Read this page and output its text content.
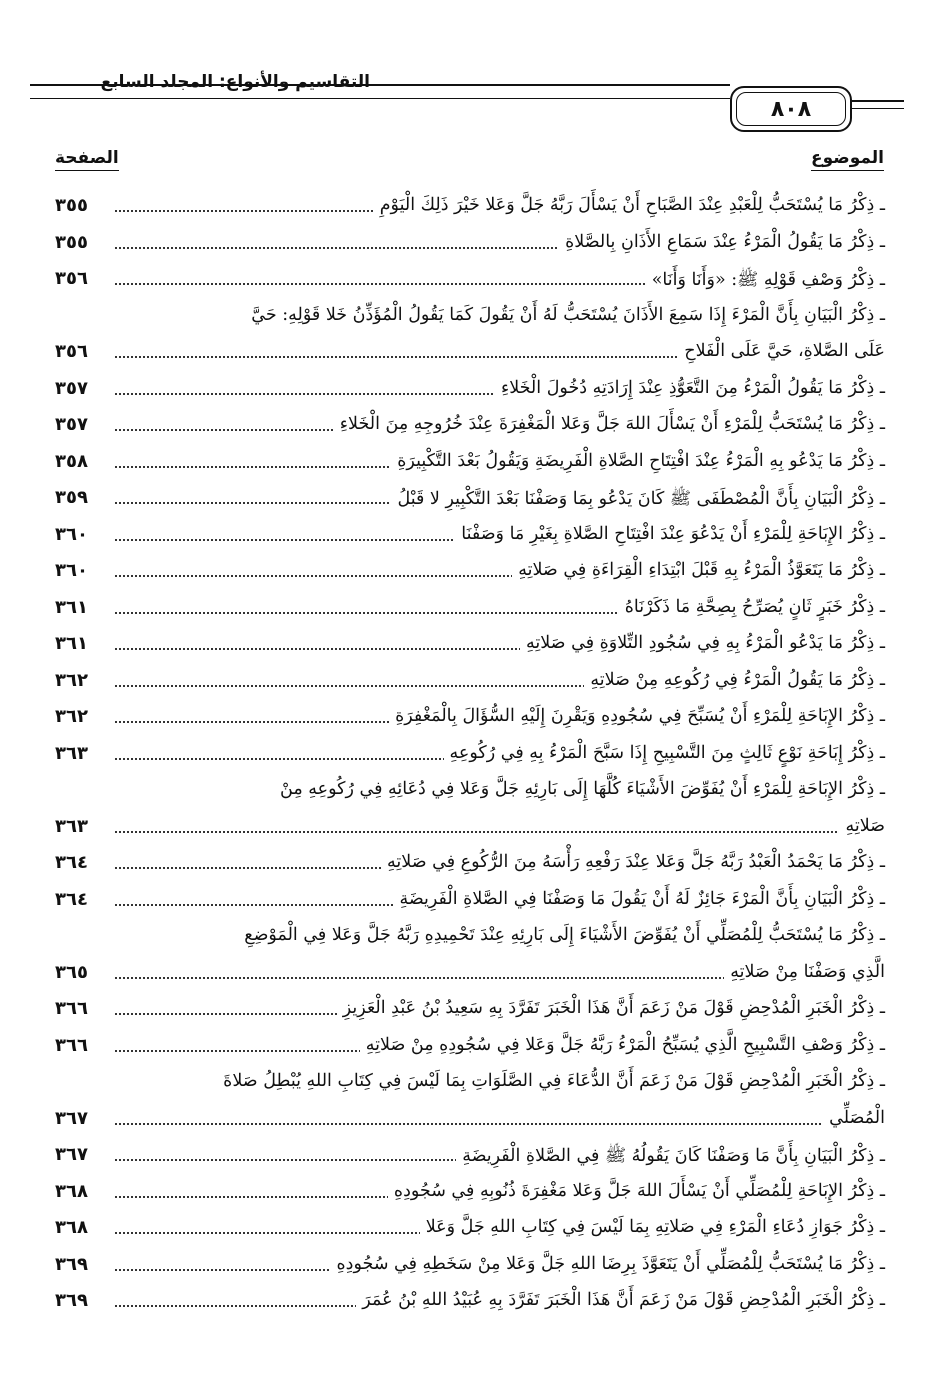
التقاسيم والأنواع: المجلد السابع
٨٠٨
الموضوع
الصفحة
ـ ذِكْرُ مَا يُسْتَحَبُّ لِلْعَبْدِ عِنْدَ الصَّبَاحِ أَنْ يَسْأَلَ رَبَّهُ جَلَّ وَعَلا خَيْرَ ذَلِكَ الْيَوْمِ
٣٥٥
ـ ذِكْرُ مَا يَقُولُ الْمَرْءُ عِنْدَ سَمَاعِ الأَذَانِ بِالصَّلاةِ
٣٥٥
ـ ذِكْرُ وَصْفِ قَوْلِهِ ﷺ: «وَأَنَا وَأَنَا»
٣٥٦
ـ ذِكْرُ الْبَيَانِ بِأَنَّ الْمَرْءَ إِذَا سَمِعَ الأَذَانَ يُسْتَحَبُّ لَهُ أَنْ يَقُولَ كَمَا يَقُولُ الْمُؤَذِّنُ خَلا قَوْلِهِ: حَيَّ
عَلَى الصَّلاةِ، حَيَّ عَلَى الْفَلاحِ
٣٥٦
ـ ذِكْرُ مَا يَقُولُ الْمَرْءُ مِنَ التَّعَوُّذِ عِنْدَ إِرَادَتِهِ دُخُولَ الْخَلاءِ
٣٥٧
ـ ذِكْرُ مَا يُسْتَحَبُّ لِلْمَرْءِ أَنْ يَسْأَلَ اللهَ جَلَّ وَعَلا الْمَغْفِرَةَ عِنْدَ خُرُوجِهِ مِنَ الْخَلاءِ
٣٥٧
ـ ذِكْرُ مَا يَدْعُو بِهِ الْمَرْءُ عِنْدَ افْتِتَاحِ الصَّلاةِ الْفَرِيضَةِ وَيَقُولُ بَعْدَ التَّكْبِيرَةِ
٣٥٨
ـ ذِكْرُ الْبَيَانِ بِأَنَّ الْمُصْطَفَى ﷺ كَانَ يَدْعُو بِمَا وَصَفْنَا بَعْدَ التَّكْبِيرِ لا قَبْلُ
٣٥٩
ـ ذِكْرُ الإِبَاحَةِ لِلْمَرْءِ أَنْ يَدْعُوَ عِنْدَ افْتِتَاحِ الصَّلاةِ بِغَيْرِ مَا وَصَفْنَا
٣٦٠
ـ ذِكْرُ مَا يَتَعَوَّذُ الْمَرْءُ بِهِ قَبْلَ ابْتِدَاءِ الْقِرَاءَةِ فِي صَلاتِهِ
٣٦٠
ـ ذِكْرُ خَبَرٍ ثَانٍ يُصَرِّحُ بِصِحَّةِ مَا ذَكَرْنَاهُ
٣٦١
ـ ذِكْرُ مَا يَدْعُو الْمَرْءُ بِهِ فِي سُجُودِ التِّلاوَةِ فِي صَلاتِهِ
٣٦١
ـ ذِكْرُ مَا يَقُولُ الْمَرْءُ فِي رُكُوعِهِ مِنْ صَلاتِهِ
٣٦٢
ـ ذِكْرُ الإِبَاحَةِ لِلْمَرْءِ أَنْ يُسَبِّحَ فِي سُجُودِهِ وَيَقْرِنَ إِلَيْهِ السُّؤَالَ بِالْمَغْفِرَةِ
٣٦٢
ـ ذِكْرُ إِبَاحَةِ نَوْعٍ ثَالِثٍ مِنَ التَّسْبِيحِ إِذَا سَبَّحَ الْمَرْءُ بِهِ فِي رُكُوعِهِ
٣٦٣
ـ ذِكْرُ الإِبَاحَةِ لِلْمَرْءِ أَنْ يُفَوِّضَ الأَشْيَاءَ كُلَّهَا إِلَى بَارِئِهِ جَلَّ وَعَلا فِي دُعَائِهِ فِي رُكُوعِهِ مِنْ
صَلاتِهِ
٣٦٣
ـ ذِكْرُ مَا يَحْمَدُ الْعَبْدُ رَبَّهُ جَلَّ وَعَلا عِنْدَ رَفْعِهِ رَأْسَهُ مِنَ الرُّكُوعِ فِي صَلاتِهِ
٣٦٤
ـ ذِكْرُ الْبَيَانِ بِأَنَّ الْمَرْءَ جَائِزٌ لَهُ أَنْ يَقُولَ مَا وَصَفْنَا فِي الصَّلاةِ الْفَرِيضَةِ
٣٦٤
ـ ذِكْرُ مَا يُسْتَحَبُّ لِلْمُصَلِّي أَنْ يُفَوِّضَ الأَشْيَاءَ إِلَى بَارِئِهِ عِنْدَ تَحْمِيدِهِ رَبَّهُ جَلَّ وَعَلا فِي الْمَوْضِعِ
الَّذِي وَصَفْنَا مِنْ صَلاتِهِ
٣٦٥
ـ ذِكْرُ الْخَبَرِ الْمُدْحِضِ قَوْلَ مَنْ زَعَمَ أَنَّ هَذَا الْخَبَرَ تَفَرَّدَ بِهِ سَعِيدُ بْنُ عَبْدِ الْعَزِيزِ
٣٦٦
ـ ذِكْرُ وَصْفِ التَّسْبِيحِ الَّذِي يُسَبِّحُ الْمَرْءُ رَبَّهُ جَلَّ وَعَلا فِي سُجُودِهِ مِنْ صَلاتِهِ
٣٦٦
ـ ذِكْرُ الْخَبَرِ الْمُدْحِضِ قَوْلَ مَنْ زَعَمَ أَنَّ الدُّعَاءَ فِي الصَّلَوَاتِ بِمَا لَيْسَ فِي كِتَابِ اللهِ يُبْطِلُ صَلاةَ
الْمُصَلِّي
٣٦٧
ـ ذِكْرُ الْبَيَانِ بِأَنَّ مَا وَصَفْنَا كَانَ يَقُولُهُ ﷺ فِي الصَّلاةِ الْفَرِيضَةِ
٣٦٧
ـ ذِكْرُ الإِبَاحَةِ لِلْمُصَلِّي أَنْ يَسْأَلَ اللهَ جَلَّ وَعَلا مَغْفِرَةَ ذُنُوبِهِ فِي سُجُودِهِ
٣٦٨
ـ ذِكْرُ جَوَازِ دُعَاءِ الْمَرْءِ فِي صَلاتِهِ بِمَا لَيْسَ فِي كِتَابِ اللهِ جَلَّ وَعَلا
٣٦٨
ـ ذِكْرُ مَا يُسْتَحَبُّ لِلْمُصَلِّي أَنْ يَتَعَوَّذَ بِرِضَا اللهِ جَلَّ وَعَلا مِنْ سَخَطِهِ فِي سُجُودِهِ
٣٦٩
ـ ذِكْرُ الْخَبَرِ الْمُدْحِضِ قَوْلَ مَنْ زَعَمَ أَنَّ هَذَا الْخَبَرَ تَفَرَّدَ بِهِ عُبَيْدُ اللهِ بْنُ عُمَرَ
٣٦٩
